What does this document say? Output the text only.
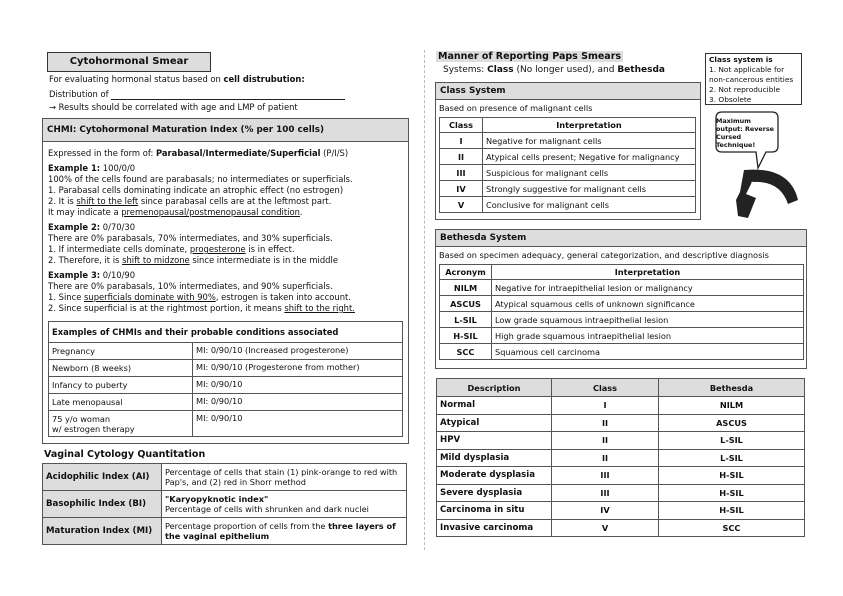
Cytohormonal Smear
For evaluating hormonal status based on cell distrubution:
Distribution of
→ Results should be correlated with age and LMP of patient
CHMI: Cytohormonal Maturation Index (% per 100 cells)
Expressed in the form of: Parabasal/Intermediate/Superficial (P/I/S)
Example 1: 100/0/0
100% of the cells found are parabasals; no intermediates or superficials.
1. Parabasal cells dominating indicate an atrophic effect (no estrogen)
2. It is shift to the left since parabasal cells are at the leftmost part.
It may indicate a premenopausal/postmenopausal condition.
Example 2: 0/70/30
There are 0% parabasals, 70% intermediates, and 30% superficials.
1. If intermediate cells dominate, progesterone is in effect.
2. Therefore, it is shift to midzone since intermediate is in the middle
Example 3: 0/10/90
There are 0% parabasals, 10% intermediates, and 90% superficials.
1. Since superficials dominate with 90%, estrogen is taken into account.
2. Since superficial is at the rightmost portion, it means shift to the right.
Examples of CHMIs and their probable conditions associated	
Pregnancy	MI: 0/90/10 (Increased progesterone)
Newborn (8 weeks)	MI: 0/90/10 (Progesterone from mother)
Infancy to puberty	MI: 0/90/10
Late menopausal	MI: 0/90/10
75 y/o woman
w/ estrogen therapy	MI: 0/90/10
Vaginal Cytology Quantitation
Acidophilic Index (AI)	Percentage of cells that stain (1) pink-orange to red with Pap's, and (2) red in Shorr method
Basophilic Index (BI)	"Karyopyknotic index"
Percentage of cells with shrunken and dark nuclei

Maturation Index (MI)	Percentage proportion of cells from the three layers of the vaginal epithelium
Manner of Reporting Paps Smears
Systems: Class (No longer used), and Bethesda
Class system is
1. Not applicable for non-cancerous entities
2. Not reproducible
3. Obsolete
Maximum output: Reverse Cursed Technique!
Class System
Based on presence of malignant cells
Class	Interpretation
I	Negative for malignant cells
II	Atypical cells present; Negative for malignancy
III	Suspicious for malignant cells
IV	Strongly suggestive for malignant cells
V	Conclusive for malignant cells
Bethesda System
Based on specimen adequacy, general categorization, and descriptive diagnosis
Acronym	Interpretation
NILM	Negative for intraepithelial lesion or malignancy
ASCUS	Atypical squamous cells of unknown significance
L-SIL	Low grade squamous intraepithelial lesion
H-SIL	High grade squamous intraepithelial lesion
SCC	Squamous cell carcinoma
Description	Class	Bethesda
Normal	I	NILM
Atypical	II	ASCUS
HPV	II	L-SIL
Mild dysplasia	II	L-SIL
Moderate dysplasia	III	H-SIL
Severe dysplasia	III	H-SIL
Carcinoma in situ	IV	H-SIL
Invasive carcinoma	V	SCC
